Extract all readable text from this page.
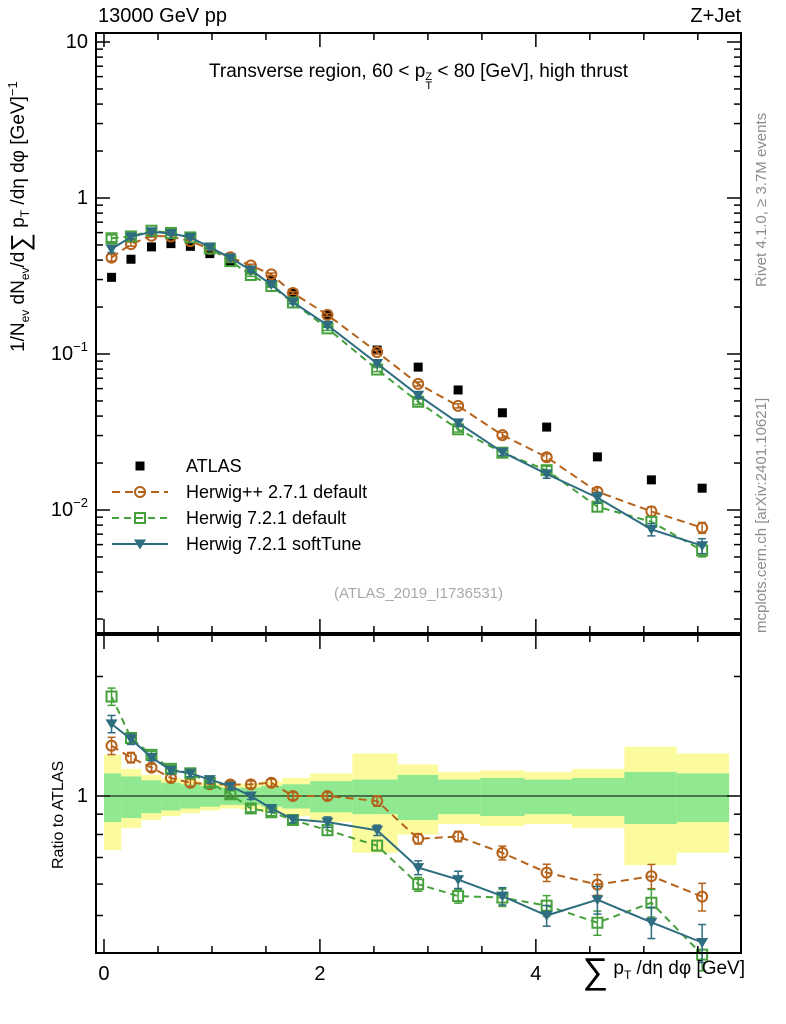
10
1
$10^{-1}$
$10^{-2}$
1
0	2	4
13000 GeV pp	Z+Jet
Transverse region, 60 < p Z
T
< 80 [GeV], high thrust
$1/N_{ev}$ $dN_{ev}/d\sum$ $p_T$ /dη dφ [GeV]$^{-1}$
Ratio to ATLAS
∑ $p_T$ /dη dφ [GeV]
(ATLAS_2019_I1736531)
Rivet 4.1.0, ≥ 3.7M events
mcplots.cern.ch [arXiv:2401.10621]
ATLAS
Herwig++ 2.7.1 default
Herwig 7.2.1 default
Herwig 7.2.1 softTune
